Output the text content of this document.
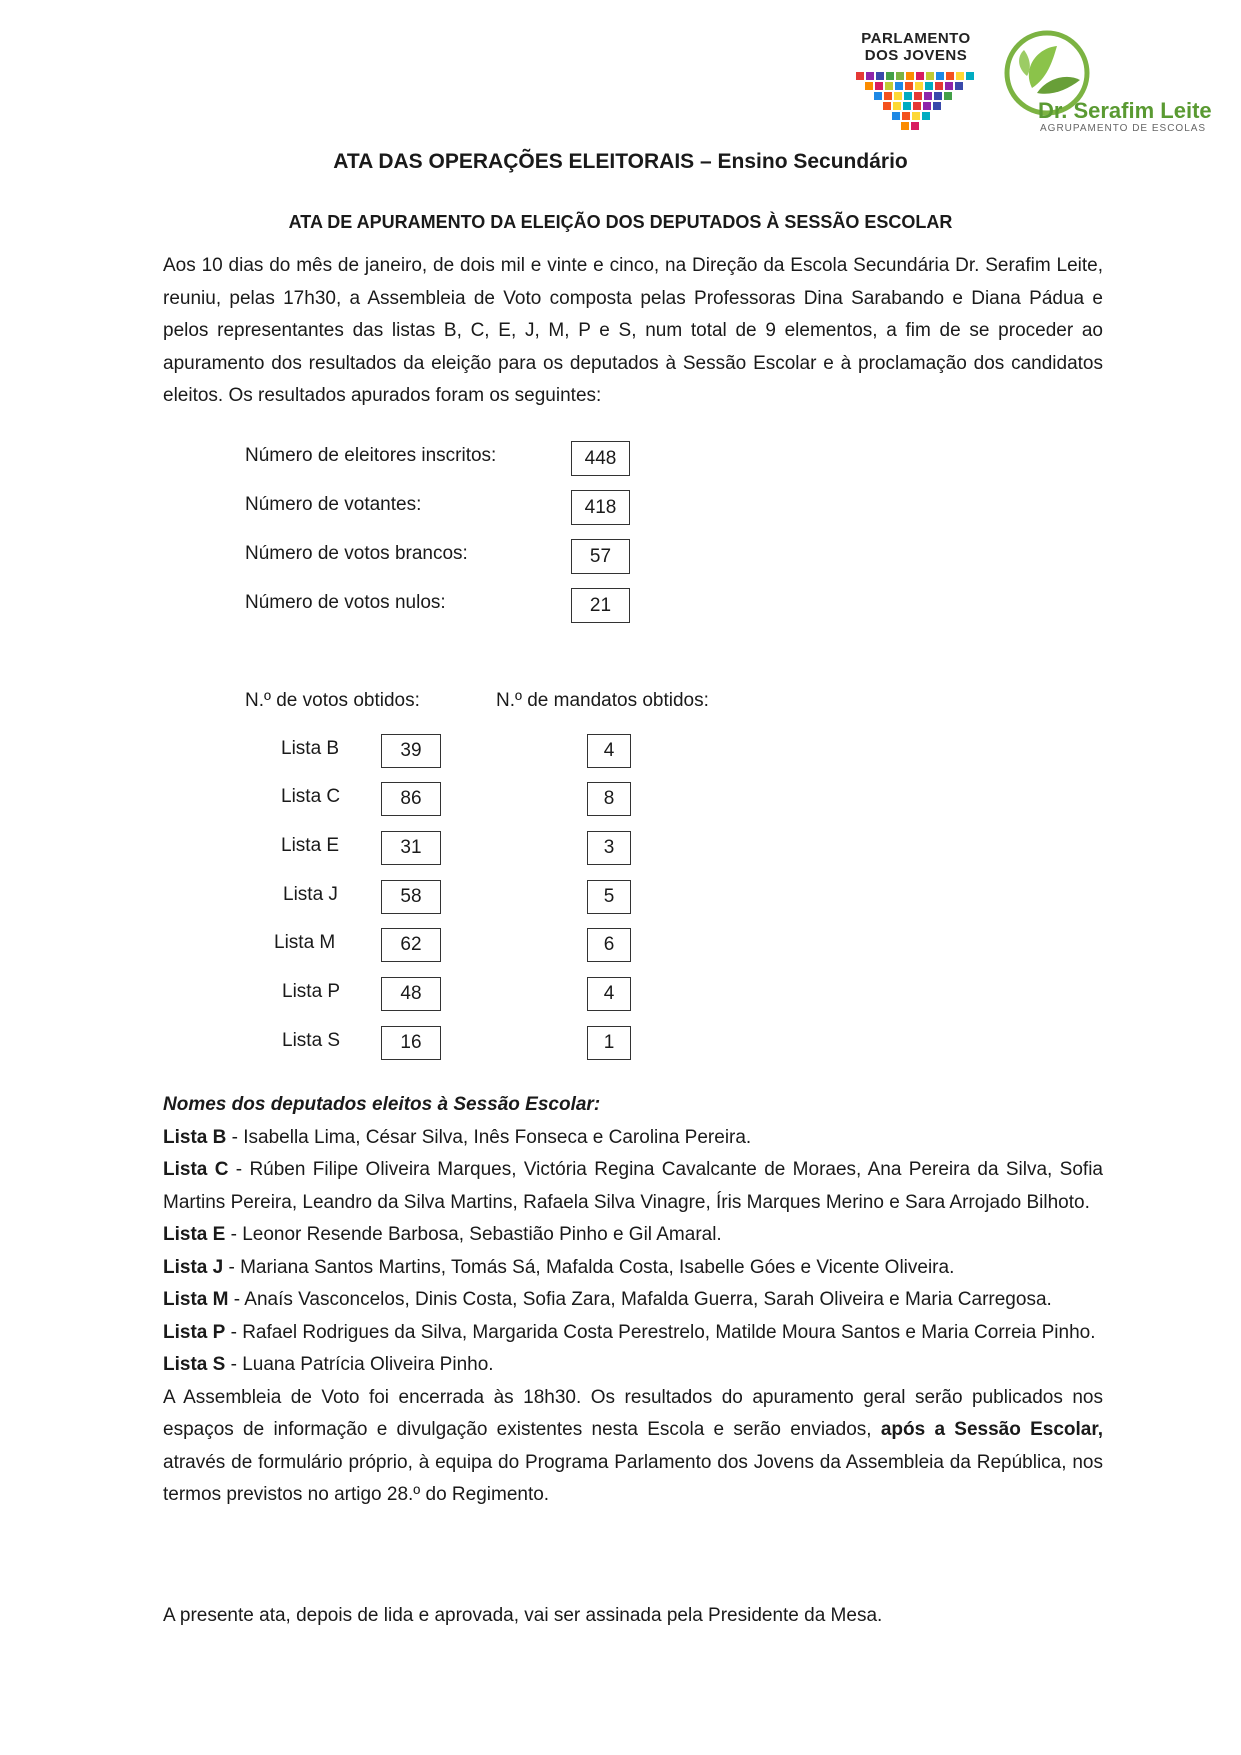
PARLAMENTO
DOS JOVENS
Dr. Serafim Leite
AGRUPAMENTO DE ESCOLAS
ATA DAS OPERAÇÕES ELEITORAIS – Ensino Secundário
ATA DE APURAMENTO DA ELEIÇÃO DOS DEPUTADOS À SESSÃO ESCOLAR
Aos 10 dias do mês de janeiro, de dois mil e vinte e cinco, na Direção da Escola Secundária Dr. Serafim Leite, reuniu, pelas 17h30, a Assembleia de Voto composta pelas Professoras Dina Sarabando e Diana Pádua e pelos representantes das listas B, C, E, J, M, P e S, num total de 9 elementos, a fim de se proceder ao apuramento dos resultados da eleição para os deputados à Sessão Escolar e à proclamação dos candidatos eleitos. Os resultados apurados foram os seguintes:
Número de eleitores inscritos:	448
Número de votantes:	418
Número de votos brancos:	57
Número de votos nulos:	21
N.º de votos obtidos:	N.º de mandatos obtidos:
Lista B	39	4
Lista C	86	8
Lista E	31	3
Lista J	58	5
Lista M	62	6
Lista P	48	4
Lista S	16	1
Nomes dos deputados eleitos à Sessão Escolar:
Lista B - Isabella Lima, César Silva, Inês Fonseca e Carolina Pereira.
Lista C - Rúben Filipe Oliveira Marques, Victória Regina Cavalcante de Moraes, Ana Pereira da Silva, Sofia Martins Pereira, Leandro da Silva Martins, Rafaela Silva Vinagre, Íris Marques Merino e Sara Arrojado Bilhoto.
Lista E - Leonor Resende Barbosa, Sebastião Pinho e Gil Amaral.
Lista J - Mariana Santos Martins, Tomás Sá, Mafalda Costa, Isabelle Góes e Vicente Oliveira.
Lista M - Anaís Vasconcelos, Dinis Costa, Sofia Zara, Mafalda Guerra, Sarah Oliveira e Maria Carregosa.
Lista P - Rafael Rodrigues da Silva, Margarida Costa Perestrelo, Matilde Moura Santos e Maria Correia Pinho.
Lista S - Luana Patrícia Oliveira Pinho.
A Assembleia de Voto foi encerrada às 18h30. Os resultados do apuramento geral serão publicados nos espaços de informação e divulgação existentes nesta Escola e serão enviados, após a Sessão Escolar, através de formulário próprio, à equipa do Programa Parlamento dos Jovens da Assembleia da República, nos termos previstos no artigo 28.º do Regimento.
A presente ata, depois de lida e aprovada, vai ser assinada pela Presidente da Mesa.
